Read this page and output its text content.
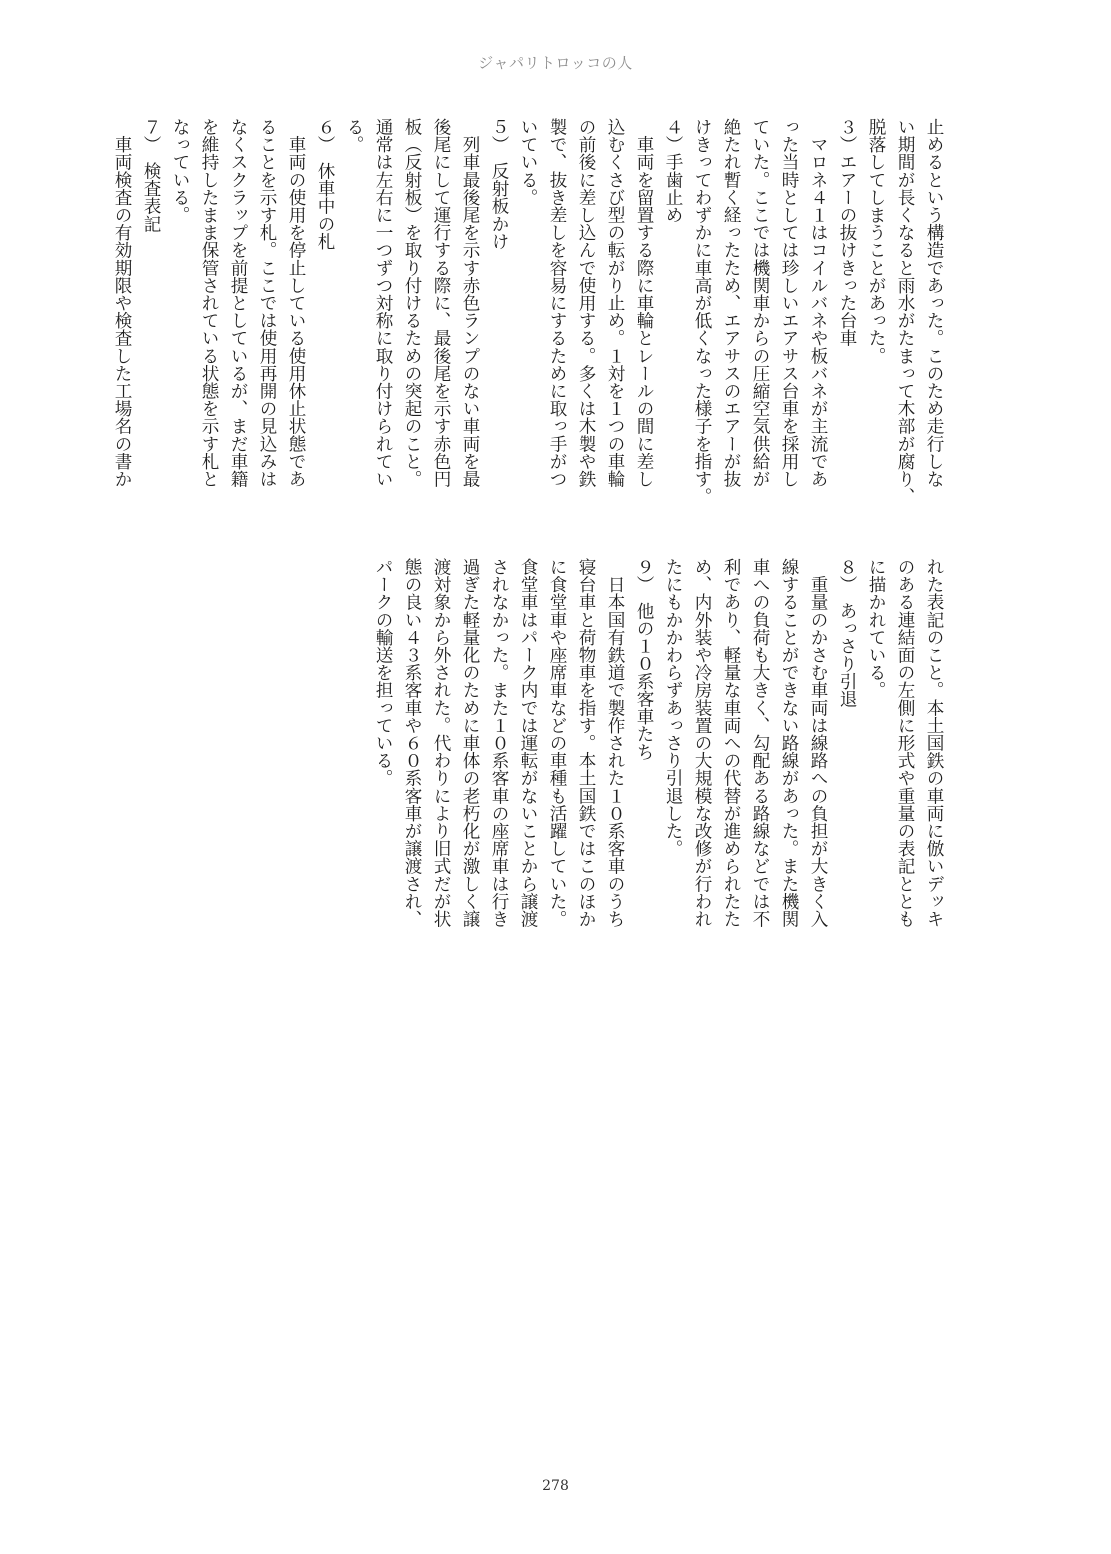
ジャパリトロッコの人
止めるという構造であった。このため走行しな
い期間が長くなると雨水がたまって木部が腐り、
脱落してしまうことがあった。
３）エアーの抜けきった台車
　マロネ４１はコイルバネや板バネが主流であ
った当時としては珍しいエアサス台車を採用し
ていた。ここでは機関車からの圧縮空気供給が
絶たれ暫く経ったため、エアサスのエアーが抜
けきってわずかに車高が低くなった様子を指す。
４）手歯止め
　車両を留置する際に車輪とレールの間に差し
込むくさび型の転がり止め。１対を１つの車輪
の前後に差し込んで使用する。多くは木製や鉄
製で、抜き差しを容易にするために取っ手がつ
いている。
５）　反射板かけ
　列車最後尾を示す赤色ランプのない車両を最
後尾にして運行する際に、最後尾を示す赤色円
板（反射板）を取り付けるための突起のこと。
通常は左右に一つずつ対称に取り付けられてい
る。
６）　休車中の札
　車両の使用を停止している使用休止状態であ
ることを示す札。ここでは使用再開の見込みは
なくスクラップを前提としているが、まだ車籍
を維持したまま保管されている状態を示す札と
なっている。
７）　検査表記
　車両検査の有効期限や検査した工場名の書か
れた表記のこと。本土国鉄の車両に倣いデッキ
のある連結面の左側に形式や重量の表記ととも
に描かれている。
８）　あっさり引退
　重量のかさむ車両は線路への負担が大きく入
線することができない路線があった。また機関
車への負荷も大きく、勾配ある路線などでは不
利であり、軽量な車両への代替が進められたた
め、内外装や冷房装置の大規模な改修が行われ
たにもかかわらずあっさり引退した。
９）　他の１０系客車たち
　日本国有鉄道で製作された１０系客車のうち
寝台車と荷物車を指す。本土国鉄ではこのほか
に食堂車や座席車などの車種も活躍していた。
食堂車はパーク内では運転がないことから譲渡
されなかった。また１０系客車の座席車は行き
過ぎた軽量化のために車体の老朽化が激しく譲
渡対象から外された。代わりにより旧式だが状
態の良い４３系客車や６０系客車が譲渡され、
パークの輸送を担っている。
278
